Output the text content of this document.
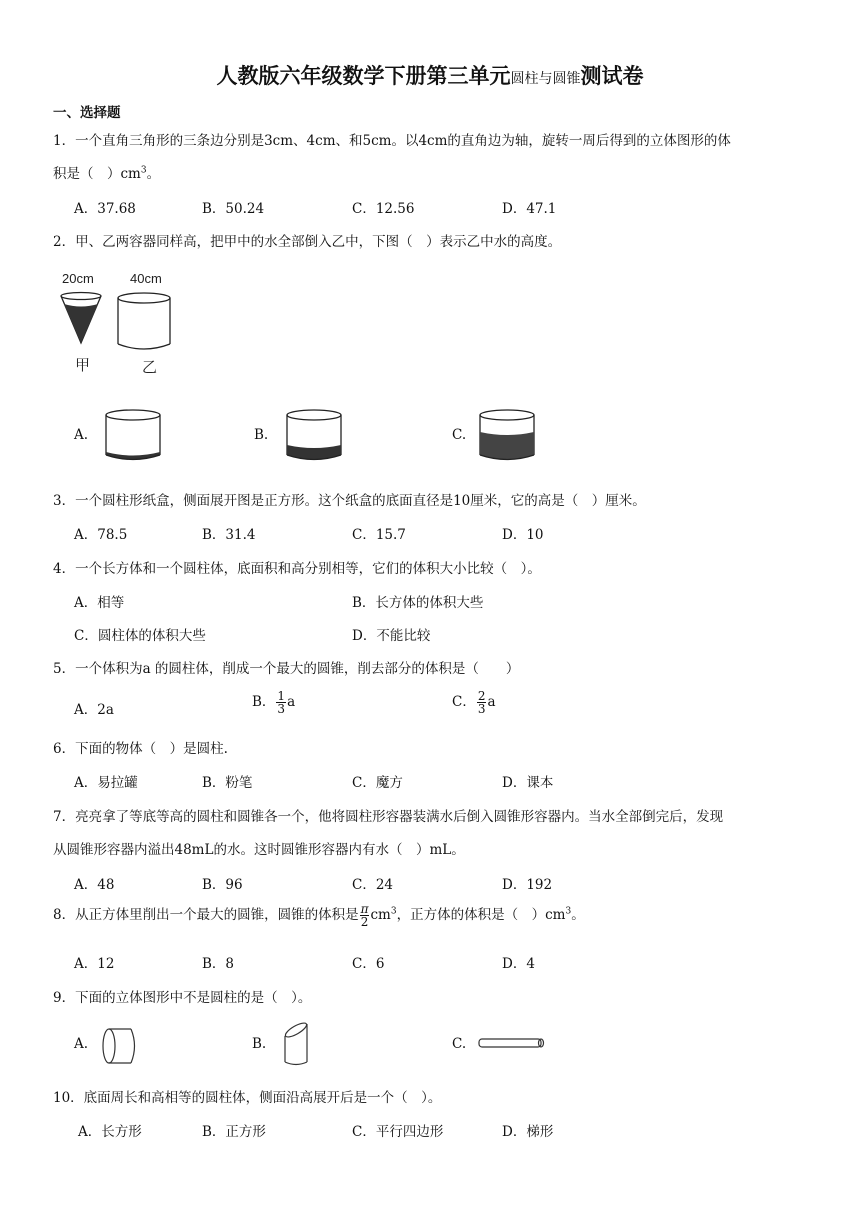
人教版六年级数学下册第三单元圆柱与圆锥测试卷
一、选择题
1．一个直角三角形的三条边分别是3cm、4cm、和5cm。以4cm的直角边为轴，旋转一周后得到的立体图形的体
积是（　）$cm^3$。
A．37.68	B．50.24	C．12.56	D．47.1
2．甲、乙两容器同样高，把甲中的水全部倒入乙中，下图（　）表示乙中水的高度。
20cm	40cm
甲	乙
A.	B.	C.
3．一个圆柱形纸盒，侧面展开图是正方形。这个纸盒的底面直径是10厘米，它的高是（　）厘米。
A．78.5	B．31.4	C．15.7	D．10
4．一个长方体和一个圆柱体，底面积和高分别相等，它们的体积大小比较（　）。
A．相等	B．长方体的体积大些
C．圆柱体的体积大些	D．不能比较
5．一个体积为a 的圆柱体，削成一个最大的圆锥，削去部分的体积是（　　）
A．2a	B． $\frac{1}{3}$ a	C． $\frac{2}{3}$ a
6．下面的物体（　）是圆柱.
A．易拉罐	B．粉笔	C．魔方	D．课本
7．亮亮拿了等底等高的圆柱和圆锥各一个，他将圆柱形容器装满水后倒入圆锥形容器内。当水全部倒完后，发现
从圆锥形容器内溢出48mL的水。这时圆锥形容器内有水（　）mL。
A．48	B．96	C．24	D．192
8．从正方体里削出一个最大的圆锥，圆锥的体积是 $\frac{\pi}{2} cm^3$，正方体的体积是（　）$cm^3$。
A．12	B．8	C．6	D．4
9．下面的立体图形中不是圆柱的是（　）。
A.	B.	C.
10．底面周长和高相等的圆柱体，侧面沿高展开后是一个（　）。
A．长方形	B．正方形	C．平行四边形	D．梯形
